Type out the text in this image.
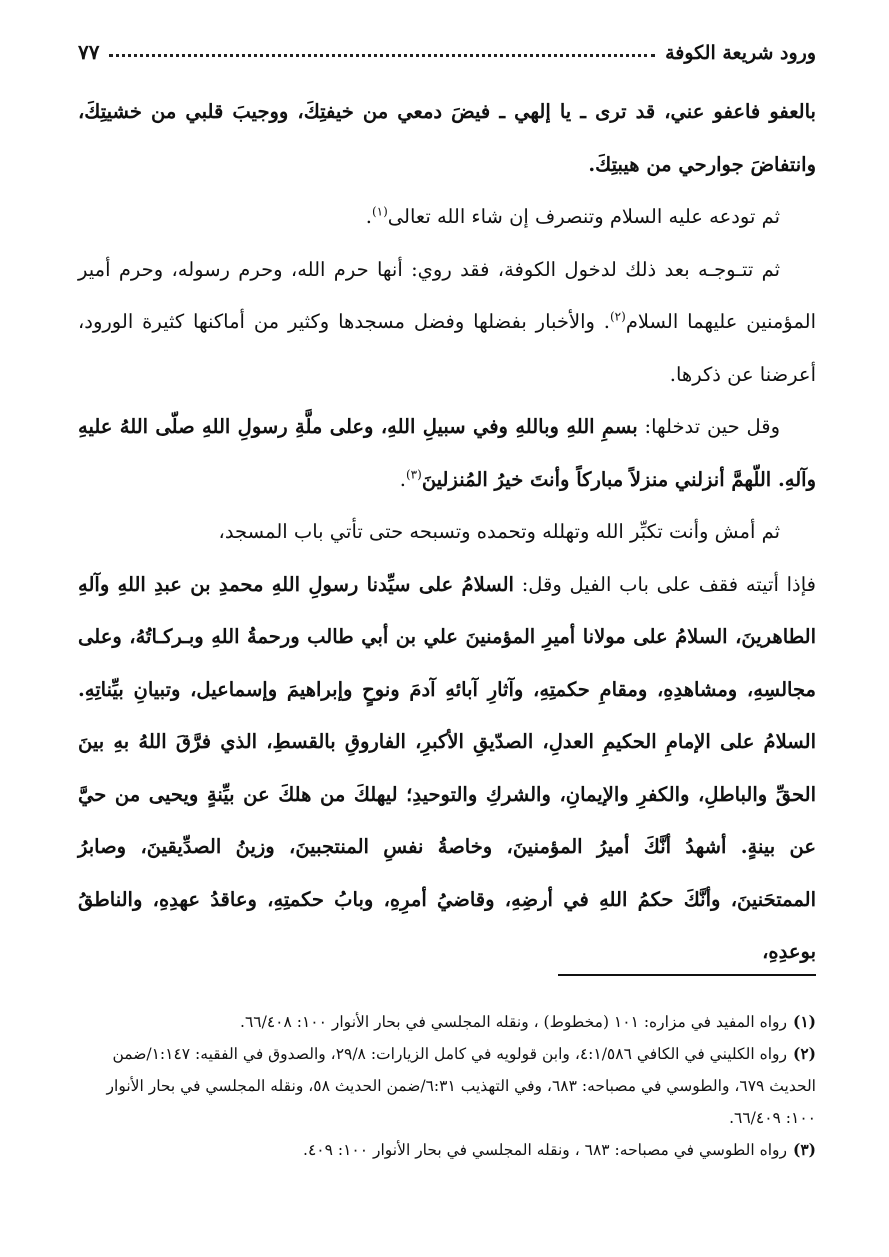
ورود شريعة الكوفة
٧٧

بالعفو فاعفو عني، قد ترى ـ يا إلهي ـ فيضَ دمعي من خيفتِكَ، ووجيبَ قلبي من خشيتِكَ، وانتفاضَ جوارحي من هيبتِكَ.

ثم تودعه عليه السلام وتنصرف إن شاء الله تعالى$^{(١)}$.

ثم تتـوجـه بعد ذلك لدخول الكوفة، فقد روي: أنها حرم الله، وحرم رسوله، وحرم أمير المؤمنين عليهما السلام$^{(٢)}$. والأخبار بفضلها وفضل مسجدها وكثير من أماكنها كثيرة الورود، أعرضنا عن ذكرها.

وقل حين تدخلها: بسمِ اللهِ وباللهِ وفي سبيلِ اللهِ، وعلى ملَّةِ رسولِ اللهِ صلّى اللهُ عليهِ وآلهِ. اللّهمَّ أنزلني منزلاً مباركاً وأنتَ خيرُ المُنزلينَ$^{(٣)}$.

ثم أمش وأنت تكبِّر الله وتهلله وتحمده وتسبحه حتى تأتي باب المسجد،

فإذا أتيته فقف على باب الفيل وقل: السلامُ على سيِّدنا رسولِ اللهِ محمدِ بن عبدِ اللهِ وآلهِ الطاهرينَ، السلامُ على مولانا أميرِ المؤمنينَ علي بن أبي طالب ورحمةُ اللهِ وبـركـاتُهُ، وعلى مجالسِهِ، ومشاهدِهِ، ومقامِ حكمتِهِ، وآثارِ آبائهِ آدمَ ونوحٍ وإبراهيمَ وإسماعيل، وتبيانِ بيِّناتِهِ. السلامُ على الإمامِ الحكيمِ العدلِ، الصدّيقِ الأكبرِ، الفاروقِ بالقسطِ، الذي فرَّقَ اللهُ بهِ بينَ الحقِّ والباطلِ، والكفرِ والإيمانِ، والشركِ والتوحيدِ؛ ليهلكَ من هلكَ عن بيِّنةٍ ويحيى من حيَّ عن بينةٍ. أشهدُ أنَّكَ أميرُ المؤمنينَ، وخاصةُ نفسِ المنتجبينَ، وزينُ الصدِّيقينَ، وصابرُ الممتحَنينَ، وأنَّكَ حكمُ اللهِ في أرضِهِ، وقاضيُ أمرِهِ، وبابُ حكمتِهِ، وعاقدُ عهدِهِ، والناطقُ بوعدِهِ،

(١)رواه المفيد في مزاره: ١٠١ (مخطوط) ، ونقله المجلسي في بحار الأنوار ١٠٠: ٦٦/٤٠٨.

(٢)رواه الكليني في الكافي ٤:١/٥٨٦، وابن قولويه في كامل الزيارات: ٢٩/٨، والصدوق في الفقيه: ١:١٤٧/ضمن الحديث ٦٧٩، والطوسي في مصباحه: ٦٨٣، وفي التهذيب ٦:٣١/ضمن الحديث ٥٨، ونقله المجلسي في بحار الأنوار ١٠٠: ٦٦/٤٠٩.

(٣)رواه الطوسي في مصباحه: ٦٨٣ ، ونقله المجلسي في بحار الأنوار ١٠٠: ٤٠٩.
